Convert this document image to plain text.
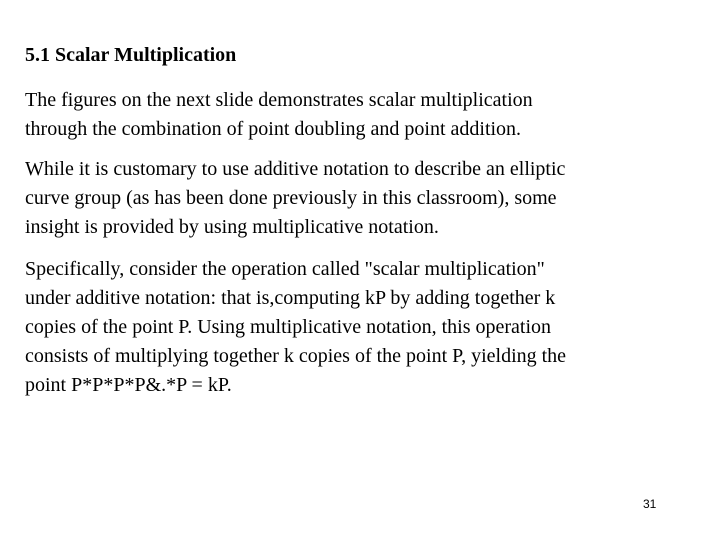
5.1 Scalar Multiplication

The figures on the next slide demonstrates scalar multiplication
through the combination of point doubling and point addition.

While it is customary to use additive notation to describe an elliptic
curve group (as has been done previously in this classroom), some
insight is provided by using multiplicative notation.

Specifically, consider the operation called "scalar multiplication"
under additive notation: that is,computing kP by adding together k
copies of the point P. Using multiplicative notation, this operation
consists of multiplying together k copies of the point P, yielding the
point P*P*P*P&.*P = kP.

31
